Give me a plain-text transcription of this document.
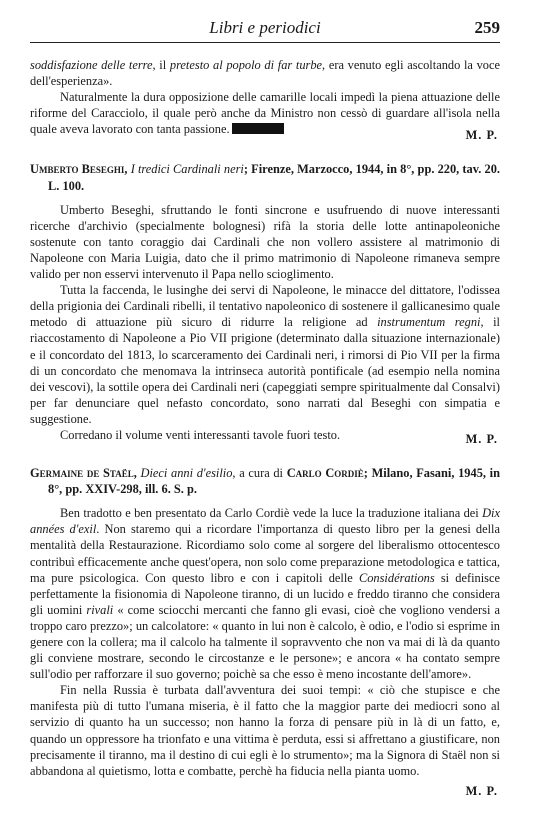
Libri e periodici	259

soddisfazione delle terre, il pretesto al popolo di far turbe, era venuto egli ascoltando la voce dell'esperienza».

Naturalmente la dura opposizione delle camarille locali impedì la piena attuazione delle riforme del Caracciolo, il quale però anche da Ministro non cessò di guardare all'isola nella quale aveva lavorato con tanta passione.	M. P.

Umberto Beseghi, I tredici Cardinali neri; Firenze, Marzocco, 1944, in 8°, pp. 220, tav. 20. L. 100.

Umberto Beseghi, sfruttando le fonti sincrone e usufruendo di nuove interessanti ricerche d'archivio (specialmente bolognesi) rifà la storia delle lotte antinapoleoniche sostenute con tanto coraggio dai Cardinali che non vollero assistere al matrimonio di Napoleone con Maria Luigia, dato che il primo matrimonio di Napoleone rimaneva sempre valido per non esservi intervenuto il Papa nello scioglimento.

Tutta la faccenda, le lusinghe dei servi di Napoleone, le minacce del dittatore, l'odissea della prigionia dei Cardinali ribelli, il tentativo napoleonico di sostenere il gallicanesimo quale metodo di attuazione più sicuro di ridurre la religione ad instrumentum regni, il riaccostamento di Napoleone a Pio VII prigione (determinato dalla situazione internazionale) e il concordato del 1813, lo scarceramento dei Cardinali neri, i rimorsi di Pio VII per la firma di un concordato che menomava la intrinseca autorità pontificale (ad esempio nella nomina dei vescovi), la sottile opera dei Cardinali neri (capeggiati sempre spiritualmente dal Consalvi) per far denunciare quel nefasto concordato, sono narrati dal Beseghi con simpatia e suggestione.

Corredano il volume venti interessanti tavole fuori testo.	M. P.

Germaine de Staël, Dieci anni d'esilio, a cura di Carlo Cordiè; Milano, Fasani, 1945, in 8°, pp. XXIV-298, ill. 6. S. p.

Ben tradotto e ben presentato da Carlo Cordiè vede la luce la traduzione italiana dei Dix années d'exil. Non staremo qui a ricordare l'importanza di questo libro per la genesi della mentalità della Restaurazione. Ricordiamo solo come al sorgere del liberalismo ottocentesco contribuì efficacemente anche quest'opera, non solo come preparazione metodologica e tattica, ma pure psicologica. Con questo libro e con i capitoli delle Considérations si definisce perfettamente la fisionomia di Napoleone tiranno, di un lucido e freddo tiranno che considera gli uomini rivali « come sciocchi mercanti che fanno gli evasi, cioè che vogliono vendersi a troppo caro prezzo»; un calcolatore: « quanto in lui non è calcolo, è odio, e l'odio si esprime in genere con la collera; ma il calcolo ha talmente il sopravvento che non va mai di là da quanto gli conviene mostrare, secondo le circostanze e le persone»; e ancora « ha contato sempre sull'odio per rafforzare il suo governo; poichè sa che esso è meno incostante dell'amore».

Fin nella Russia è turbata dall'avventura dei suoi tempi: « ciò che stupisce e che manifesta più di tutto l'umana miseria, è il fatto che la maggior parte dei mediocri sono al servizio di quanto ha un successo; non hanno la forza di pensare più in là di un fatto, e, quando un oppressore ha trionfato e una vittima è perduta, essi si affrettano a giustificare, non precisamente il tiranno, ma il destino di cui egli è lo strumento»; ma la Signora di Staël non si abbandona al quietismo, lotta e combatte, perchè ha fiducia nella pianta uomo.

M. P.
